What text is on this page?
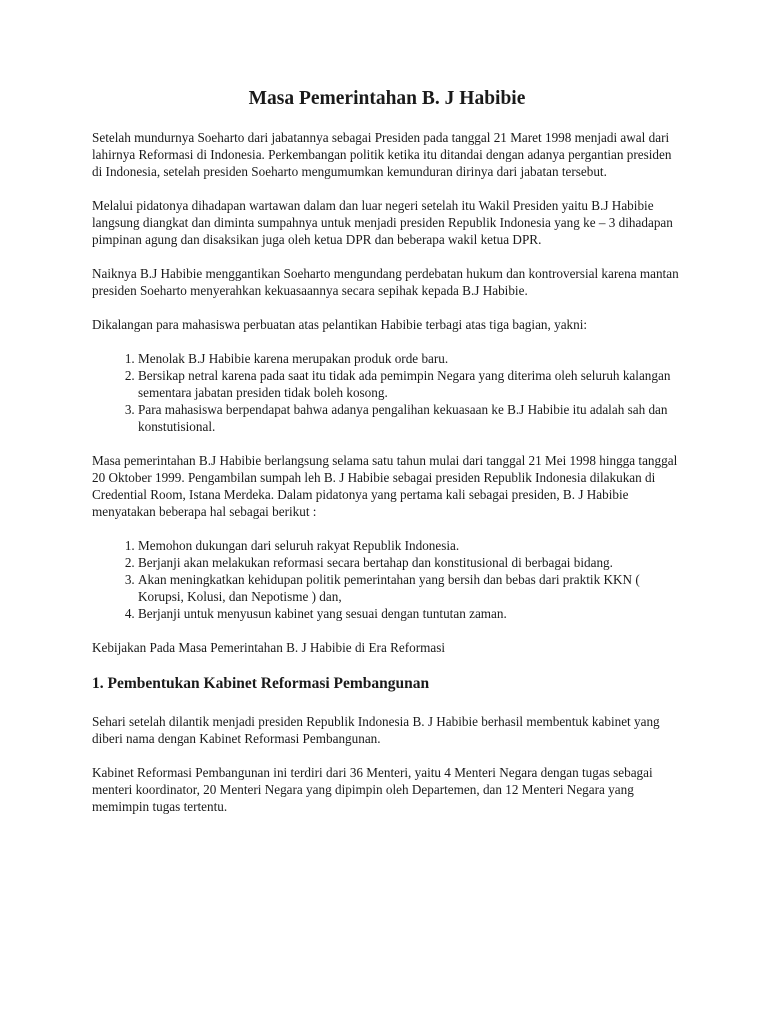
Masa Pemerintahan B. J Habibie

Setelah mundurnya Soeharto dari jabatannya sebagai Presiden pada tanggal 21 Maret 1998 menjadi awal dari lahirnya Reformasi di Indonesia. Perkembangan politik ketika itu ditandai dengan adanya pergantian presiden di Indonesia, setelah presiden Soeharto mengumumkan kemunduran dirinya dari jabatan tersebut.

Melalui pidatonya dihadapan wartawan dalam dan luar negeri setelah itu Wakil Presiden yaitu B.J Habibie langsung diangkat dan diminta sumpahnya untuk menjadi presiden Republik Indonesia yang ke – 3 dihadapan pimpinan agung dan disaksikan juga oleh ketua DPR dan beberapa wakil ketua DPR.

Naiknya B.J Habibie menggantikan Soeharto mengundang perdebatan hukum dan kontroversial karena mantan presiden Soeharto menyerahkan kekuasaannya secara sepihak kepada B.J Habibie.

Dikalangan para mahasiswa perbuatan atas pelantikan Habibie terbagi atas tiga bagian, yakni:

1. Menolak B.J Habibie karena merupakan produk orde baru.
2. Bersikap netral karena pada saat itu tidak ada pemimpin Negara yang diterima oleh seluruh kalangan sementara jabatan presiden tidak boleh kosong.
3. Para mahasiswa berpendapat bahwa adanya pengalihan kekuasaan ke B.J Habibie itu adalah sah dan konstutisional.

Masa pemerintahan B.J Habibie berlangsung selama satu tahun mulai dari tanggal 21 Mei 1998 hingga tanggal 20 Oktober 1999. Pengambilan sumpah leh B. J Habibie sebagai presiden Republik Indonesia dilakukan di Credential Room, Istana Merdeka. Dalam pidatonya yang pertama kali sebagai presiden, B. J Habibie menyatakan beberapa hal sebagai berikut :

1. Memohon dukungan dari seluruh rakyat Republik Indonesia.
2. Berjanji akan melakukan reformasi secara bertahap dan konstitusional di berbagai bidang.
3. Akan meningkatkan kehidupan politik pemerintahan yang bersih dan bebas dari praktik KKN ( Korupsi, Kolusi, dan Nepotisme ) dan,
4. Berjanji untuk menyusun kabinet yang sesuai dengan tuntutan zaman.

Kebijakan Pada Masa Pemerintahan B. J Habibie di Era Reformasi

1. Pembentukan Kabinet Reformasi Pembangunan

Sehari setelah dilantik menjadi presiden Republik Indonesia B. J Habibie berhasil membentuk kabinet yang diberi nama dengan Kabinet Reformasi Pembangunan.

Kabinet Reformasi Pembangunan ini terdiri dari 36 Menteri, yaitu 4 Menteri Negara dengan tugas sebagai menteri koordinator, 20 Menteri Negara yang dipimpin oleh Departemen, dan 12 Menteri Negara yang memimpin tugas tertentu.
